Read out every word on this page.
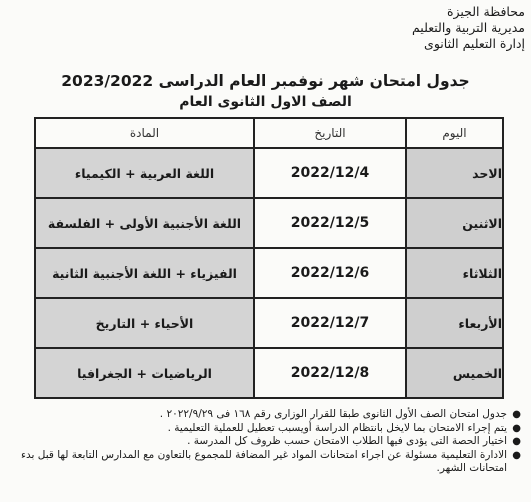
محافظة الجيزة
مديرية التربية والتعليم
إدارة التعليم الثانوى
جدول امتحان شهر نوفمبر العام الدراسى 2023/2022
الصف الاول الثانوى العام
اليوم	التاريخ	المادة
الاحد	2022/12/4	اللغة العربية + الكيمياء
الاثنين	2022/12/5	اللغة الأجنبية الأولى + الفلسفة
الثلاثاء	2022/12/6	الفيزياء + اللغة الأجنبية الثانية
الأربعاء	2022/12/7	الأحياء + التاريخ
الخميس	2022/12/8	الرياضيات + الجغرافيا
●
جدول امتحان الصف الأول الثانوى طبقا للقرار الوزارى رقم ١٦٨ فى ٢٠٢٢/٩/٢٩ .
●
يتم إجراء الامتحان بما لايخل بانتظام الدراسة أويسبب تعطيل للعملية التعليمية .
●
اختيار الحصة التى يؤدى فيها الطلاب الامتحان حسب ظروف كل المدرسة .
●
الادارة التعليمية مسئولة عن اجراء امتحانات المواد غير المضافة للمجموع بالتعاون مع المدارس التابعة لها قبل بدء امتحانات الشهر.
